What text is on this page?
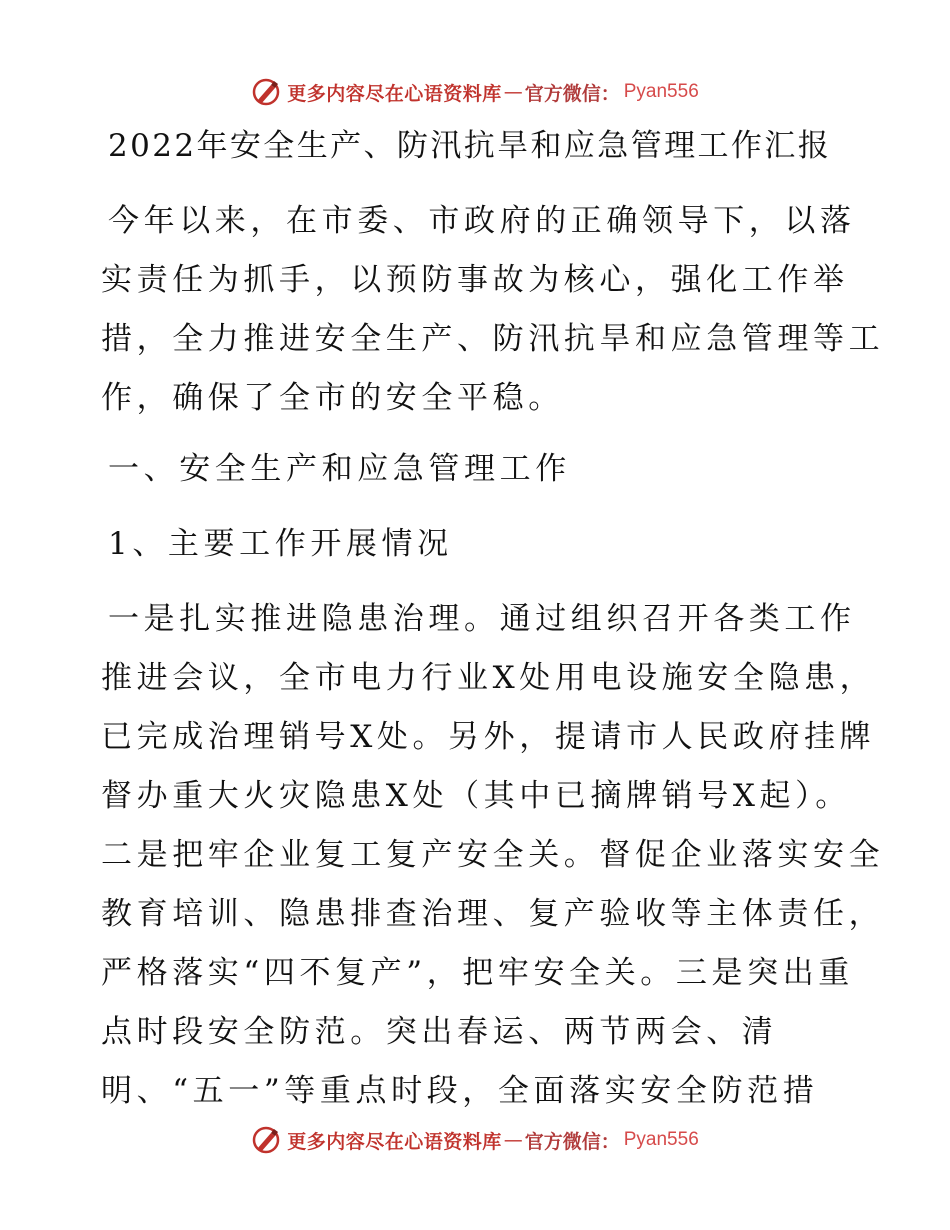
更多内容尽在心语资料库 — 官方微信： Pyan556
2022年安全生产、防汛抗旱和应急管理工作汇报

今年以来，在市委、市政府的正确领导下，以落

实责任为抓手，以预防事故为核心，强化工作举

措，全力推进安全生产、防汛抗旱和应急管理等工

作，确保了全市的安全平稳。

一、安全生产和应急管理工作

1、主要工作开展情况

一是扎实推进隐患治理。通过组织召开各类工作

推进会议，全市电力行业X处用电设施安全隐患，

已完成治理销号X处。另外，提请市人民政府挂牌

督办重大火灾隐患X处（其中已摘牌销号X起）。

二是把牢企业复工复产安全关。督促企业落实安全

教育培训、隐患排查治理、复产验收等主体责任，

严格落实“四不复产”，把牢安全关。三是突出重

点时段安全防范。突出春运、两节两会、清

明、“五一”等重点时段，全面落实安全防范措

更多内容尽在心语资料库 — 官方微信： Pyan556
